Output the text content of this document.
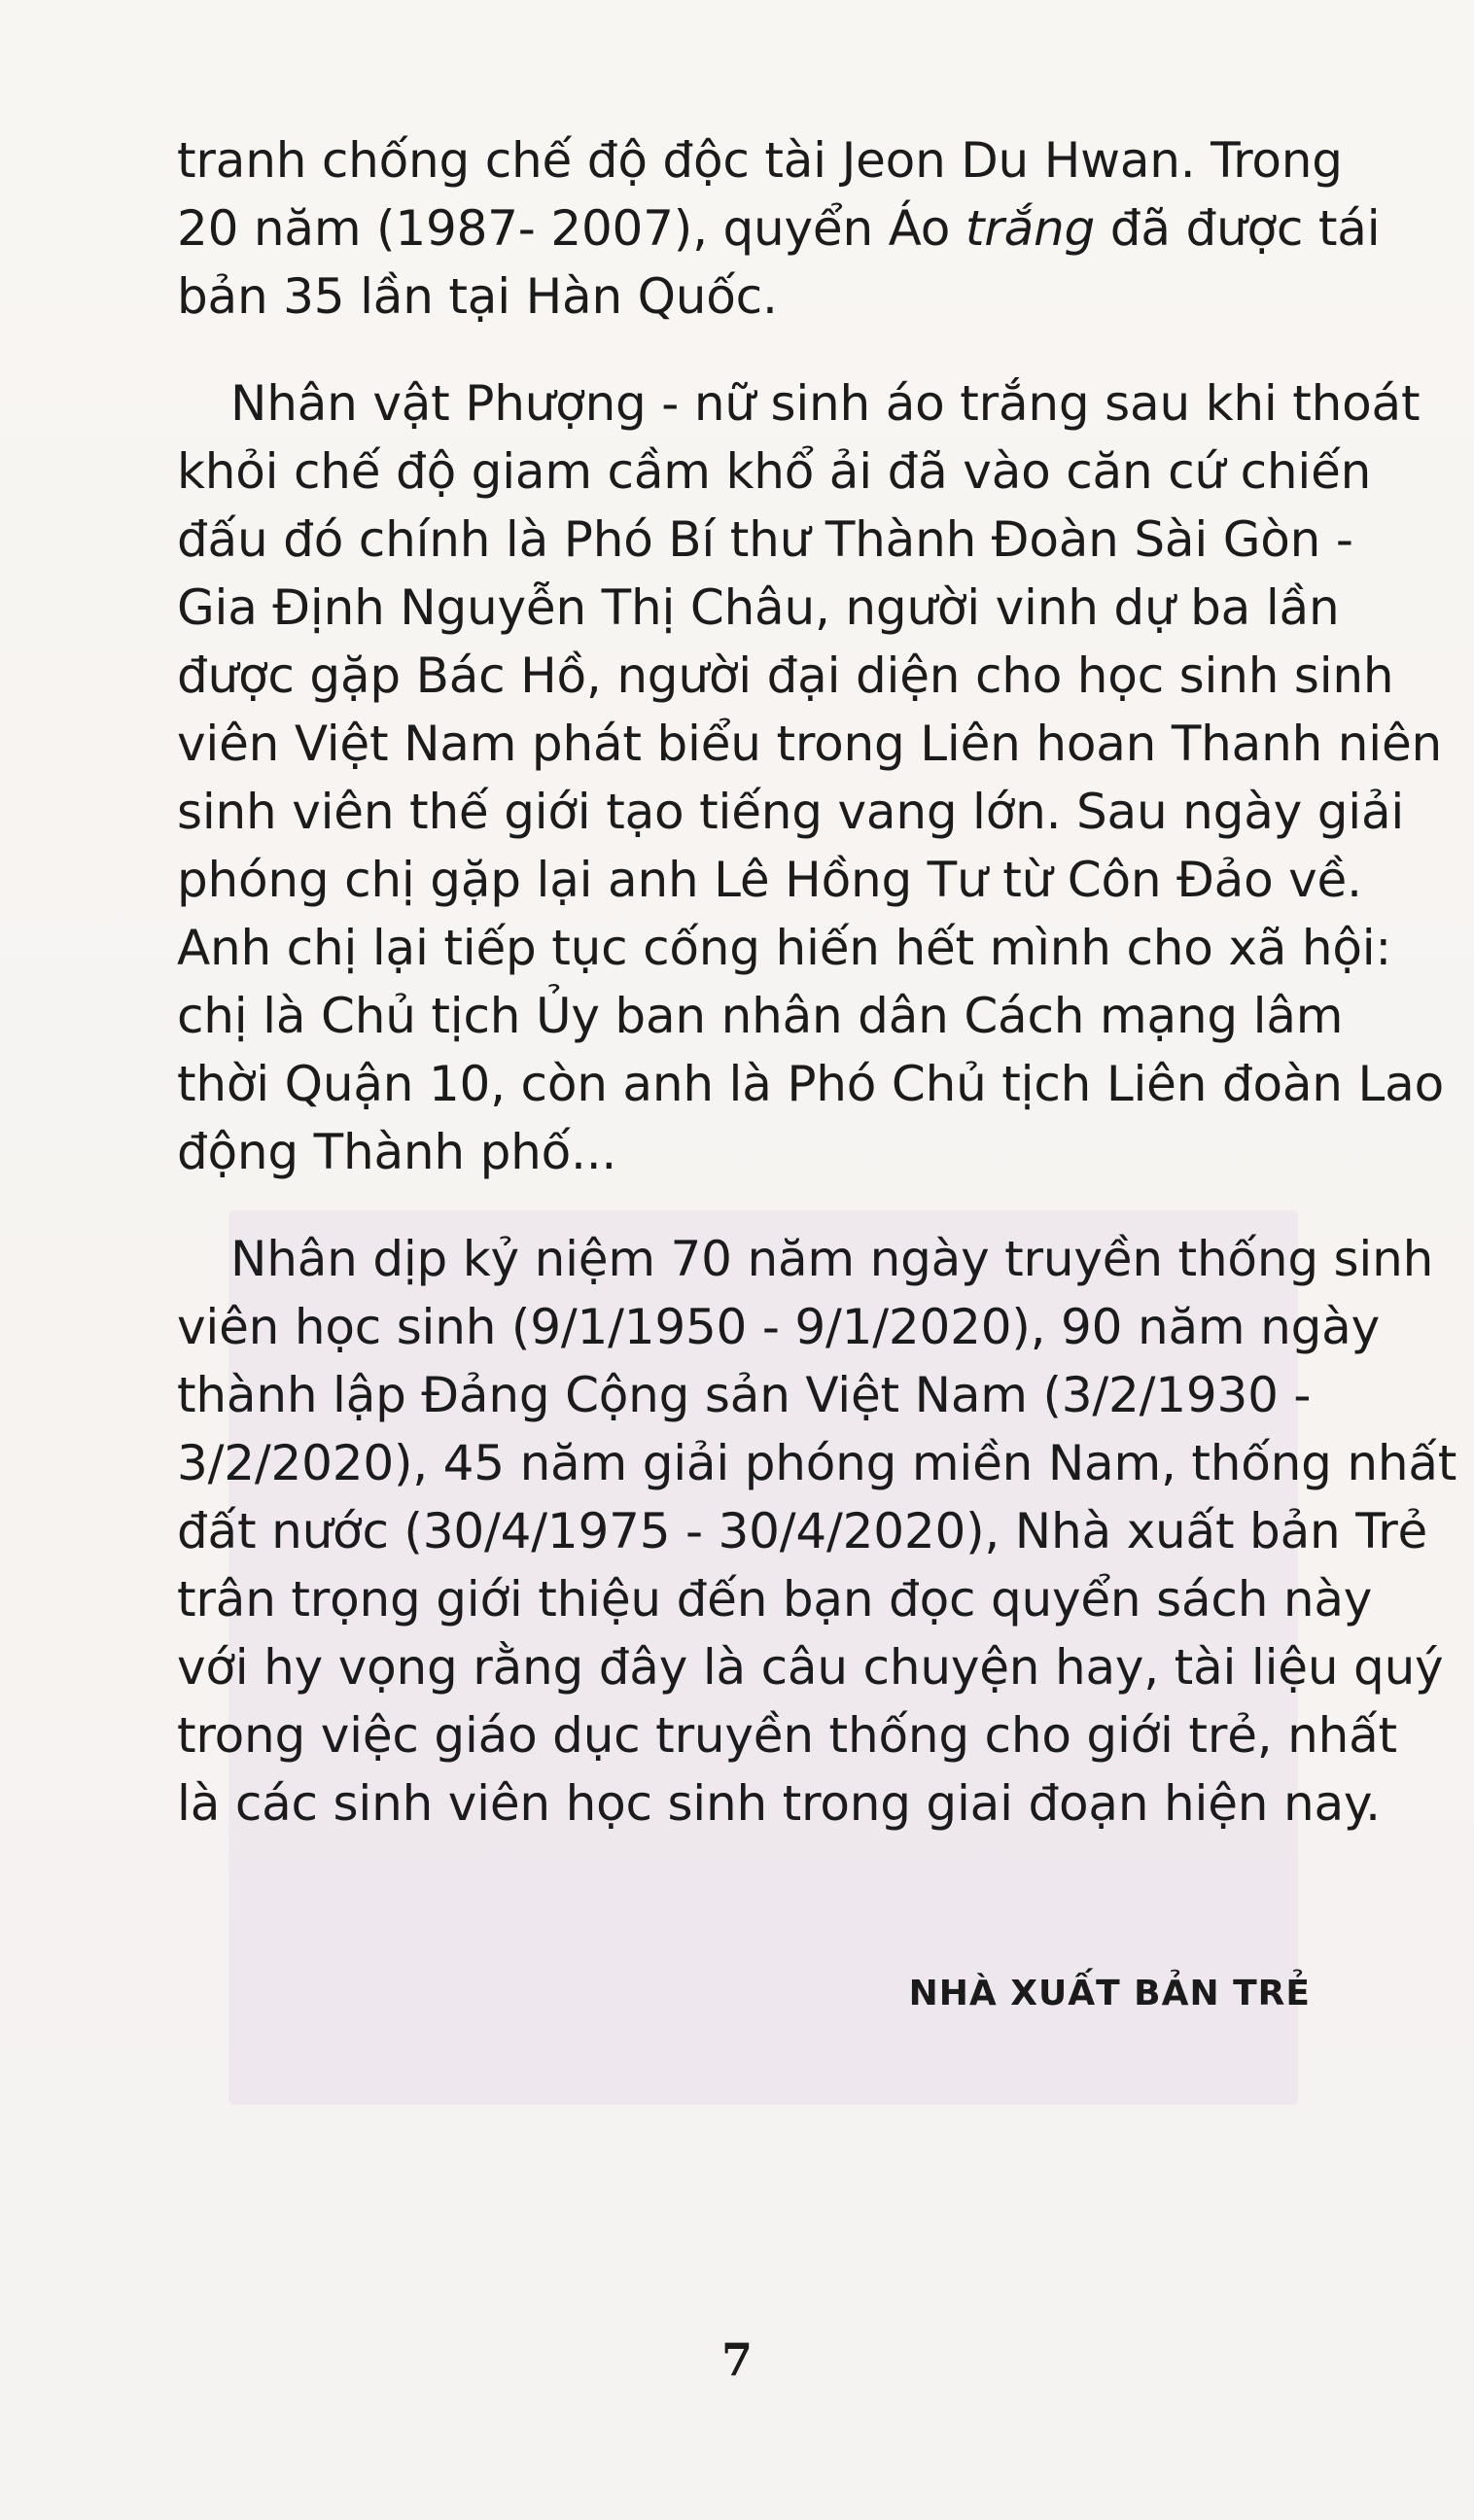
tranh chống chế độ độc tài Jeon Du Hwan. Trong
20 năm (1987- 2007), quyển Áo trắng đã được tái
bản 35 lần tại Hàn Quốc.
Nhân vật Phượng - nữ sinh áo trắng sau khi thoát
khỏi chế độ giam cầm khổ ải đã vào căn cứ chiến
đấu đó chính là Phó Bí thư Thành Đoàn Sài Gòn -
Gia Định Nguyễn Thị Châu, người vinh dự ba lần
được gặp Bác Hồ, người đại diện cho học sinh sinh
viên Việt Nam phát biểu trong Liên hoan Thanh niên
sinh viên thế giới tạo tiếng vang lớn. Sau ngày giải
phóng chị gặp lại anh Lê Hồng Tư từ Côn Đảo về.
Anh chị lại tiếp tục cống hiến hết mình cho xã hội:
chị là Chủ tịch Ủy ban nhân dân Cách mạng lâm
thời Quận 10, còn anh là Phó Chủ tịch Liên đoàn Lao
động Thành phố...
Nhân dịp kỷ niệm 70 năm ngày truyền thống sinh
viên học sinh (9/1/1950 - 9/1/2020), 90 năm ngày
thành lập Đảng Cộng sản Việt Nam (3/2/1930 -
3/2/2020), 45 năm giải phóng miền Nam, thống nhất
đất nước (30/4/1975 - 30/4/2020), Nhà xuất bản Trẻ
trân trọng giới thiệu đến bạn đọc quyển sách này
với hy vọng rằng đây là câu chuyện hay, tài liệu quý
trong việc giáo dục truyền thống cho giới trẻ, nhất
là các sinh viên học sinh trong giai đoạn hiện nay.
NHÀ XUẤT BẢN TRẺ
7
